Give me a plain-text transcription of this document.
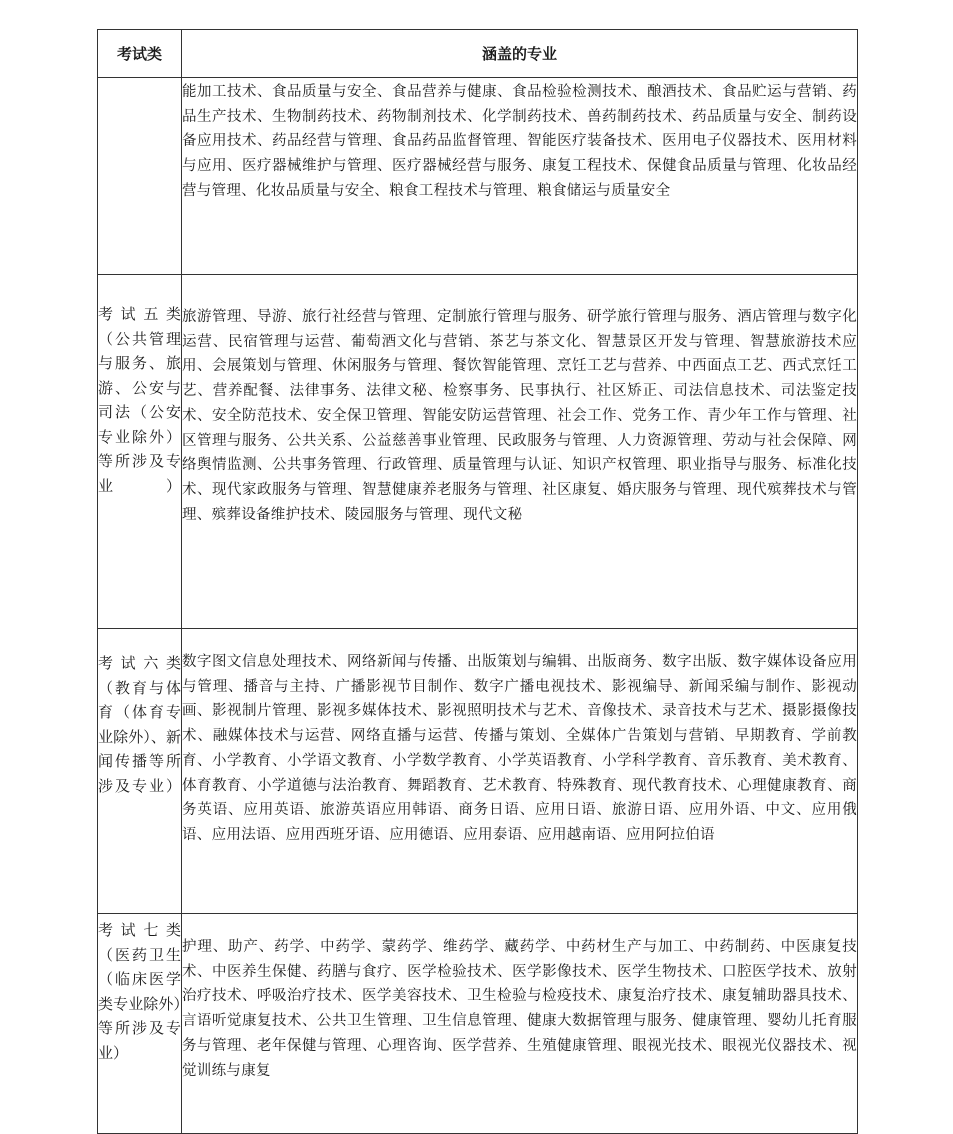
考试类	涵盖的专业
	能加工技术、食品质量与安全、食品营养与健康、食品检验检测技术、酿酒技术、食品贮运与营销、药品生产技术、生物制药技术、药物制剂技术、化学制药技术、兽药制药技术、药品质量与安全、制药设备应用技术、药品经营与管理、食品药品监督管理、智能医疗装备技术、医用电子仪器技术、医用材料与应用、医疗器械维护与管理、医疗器械经营与服务、康复工程技术、保健食品质量与管理、化妆品经营与管理、化妆品质量与安全、粮食工程技术与管理、粮食储运与质量安全
考试五类（公共管理与服务、旅游、公安与司法（公安专业除外）等所涉及专业）	旅游管理、导游、旅行社经营与管理、定制旅行管理与服务、研学旅行管理与服务、酒店管理与数字化运营、民宿管理与运营、葡萄酒文化与营销、茶艺与茶文化、智慧景区开发与管理、智慧旅游技术应用、会展策划与管理、休闲服务与管理、餐饮智能管理、烹饪工艺与营养、中西面点工艺、西式烹饪工艺、营养配餐、法律事务、法律文秘、检察事务、民事执行、社区矫正、司法信息技术、司法鉴定技术、安全防范技术、安全保卫管理、智能安防运营管理、社会工作、党务工作、青少年工作与管理、社区管理与服务、公共关系、公益慈善事业管理、民政服务与管理、人力资源管理、劳动与社会保障、网络舆情监测、公共事务管理、行政管理、质量管理与认证、知识产权管理、职业指导与服务、标准化技术、现代家政服务与管理、智慧健康养老服务与管理、社区康复、婚庆服务与管理、现代殡葬技术与管理、殡葬设备维护技术、陵园服务与管理、现代文秘
考试六类（教育与体育（体育专业除外）、新闻传播等所涉及专业）	数字图文信息处理技术、网络新闻与传播、出版策划与编辑、出版商务、数字出版、数字媒体设备应用与管理、播音与主持、广播影视节目制作、数字广播电视技术、影视编导、新闻采编与制作、影视动画、影视制片管理、影视多媒体技术、影视照明技术与艺术、音像技术、录音技术与艺术、摄影摄像技术、融媒体技术与运营、网络直播与运营、传播与策划、全媒体广告策划与营销、早期教育、学前教育、小学教育、小学语文教育、小学数学教育、小学英语教育、小学科学教育、音乐教育、美术教育、体育教育、小学道德与法治教育、舞蹈教育、艺术教育、特殊教育、现代教育技术、心理健康教育、商务英语、应用英语、旅游英语应用韩语、商务日语、应用日语、旅游日语、应用外语、中文、应用俄语、应用法语、应用西班牙语、应用德语、应用泰语、应用越南语、应用阿拉伯语
考试七类（医药卫生（临床医学类专业除外）等所涉及专业）	护理、助产、药学、中药学、蒙药学、维药学、藏药学、中药材生产与加工、中药制药、中医康复技术、中医养生保健、药膳与食疗、医学检验技术、医学影像技术、医学生物技术、口腔医学技术、放射治疗技术、呼吸治疗技术、医学美容技术、卫生检验与检疫技术、康复治疗技术、康复辅助器具技术、言语听觉康复技术、公共卫生管理、卫生信息管理、健康大数据管理与服务、健康管理、婴幼儿托育服务与管理、老年保健与管理、心理咨询、医学营养、生殖健康管理、眼视光技术、眼视光仪器技术、视觉训练与康复
